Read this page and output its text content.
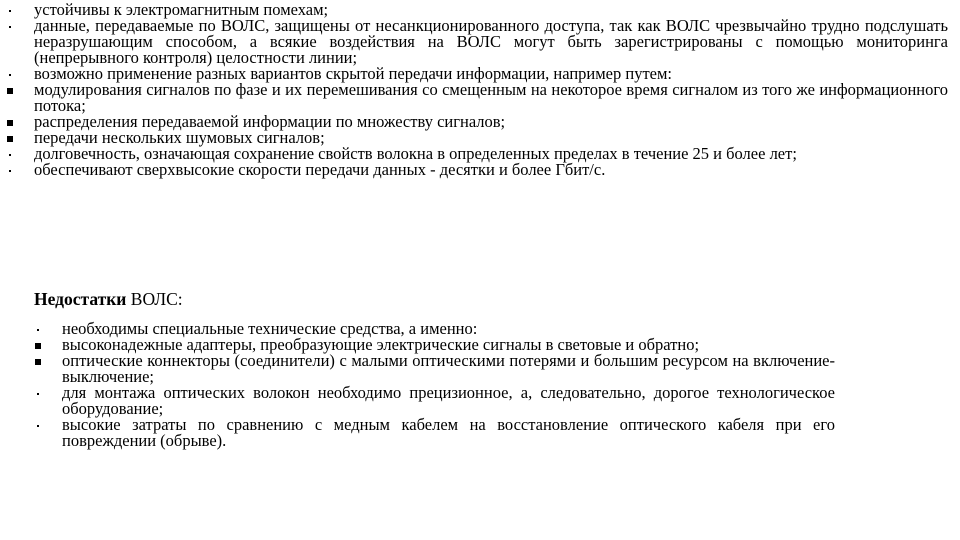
устойчивы к электромагнитным помехам;
данные, передаваемые по ВОЛС, защищены от несанкционированного доступа, так как ВОЛС чрезвычайно трудно подслушать неразрушающим способом, а всякие воздействия на ВОЛС могут быть зарегистрированы с помощью мониторинга (непрерывного контроля) целостности линии;
возможно применение разных вариантов скрытой передачи информации, например путем:
модулирования сигналов по фазе и их перемешивания со смещенным на некоторое время сигналом из того же информационного потока;
распределения передаваемой информации по множеству сигналов;
передачи нескольких шумовых сигналов;
долговечность, означающая сохранение свойств волокна в определенных пределах в течение 25 и более лет;
обеспечивают сверхвысокие скорости передачи данных - десятки и более Гбит/с.
Недостатки ВОЛС:
необходимы специальные технические средства, а именно:
высоконадежные адаптеры, преобразующие электрические сигналы в световые и обратно;
оптические коннекторы (соединители) с малыми оптическими потерями и большим ресурсом на включение-выключение;
для монтажа оптических волокон необходимо прецизионное, а, следовательно, дорогое технологическое оборудование;
высокие затраты по сравнению с медным кабелем на восстановление оптического кабеля при его повреждении (обрыве).
